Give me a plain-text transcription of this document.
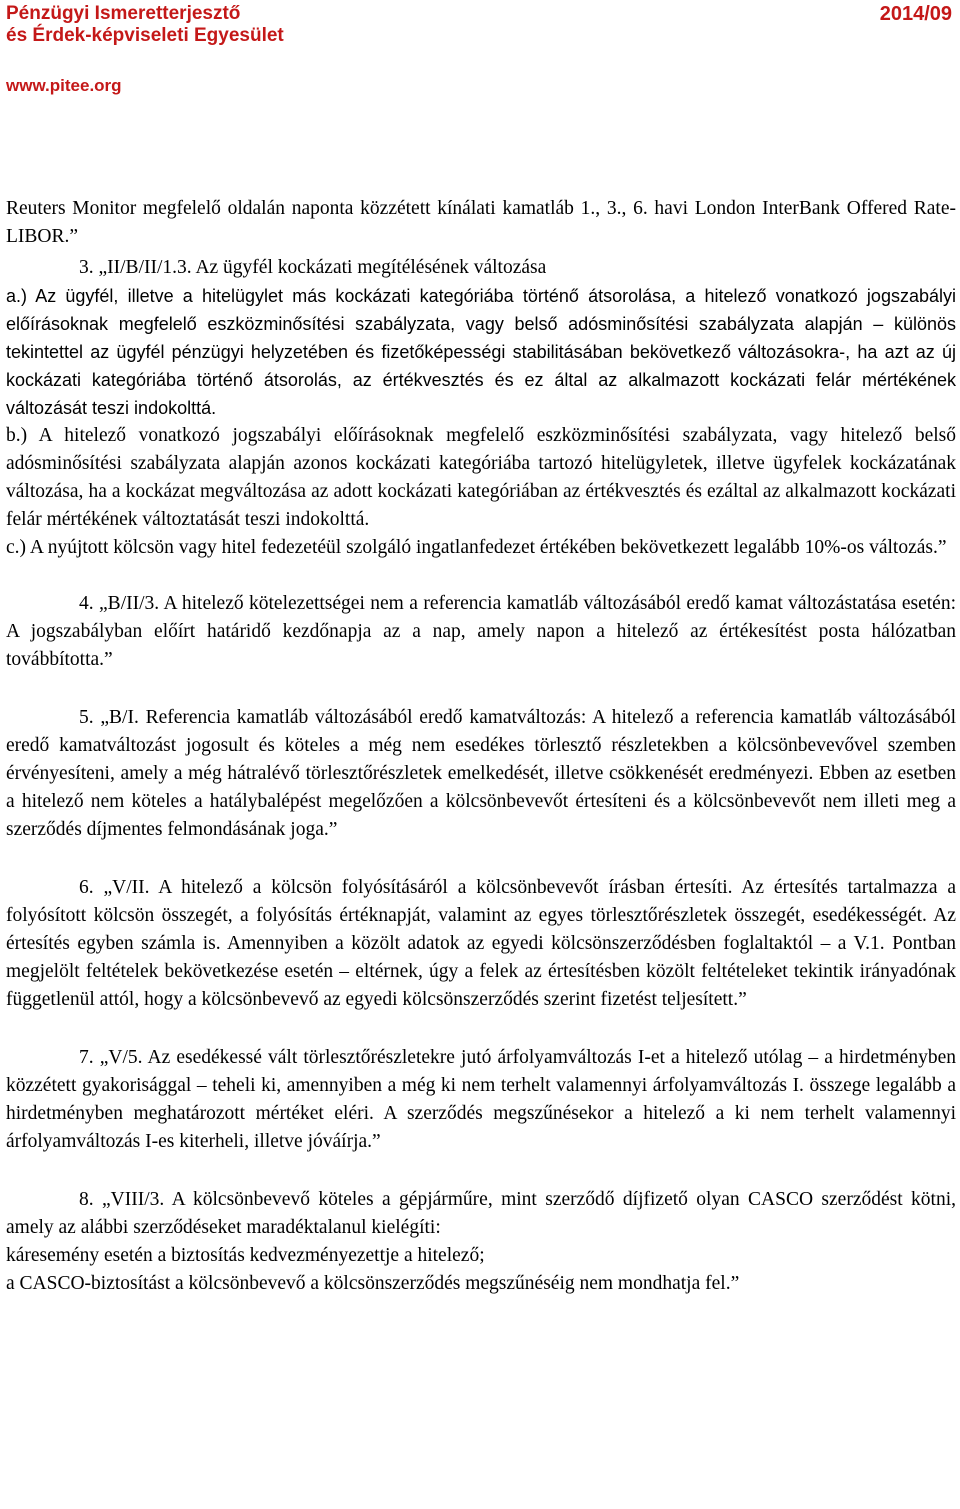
Pénzügyi Ismeretterjesztő
és Érdek-képviseleti Egyesület
2014/09
www.pitee.org

Reuters Monitor megfelelő oldalán naponta közzétett kínálati kamatláb 1., 3., 6. havi London InterBank Offered Rate-LIBOR.”

3. „II/B/II/1.3. Az ügyfél kockázati megítélésének változása

a.) Az ügyfél, illetve a hitelügylet más kockázati kategóriába történő átsorolása, a hitelező vonatkozó jogszabályi előírásoknak megfelelő eszközminősítési szabályzata, vagy belső adósminősítési szabályzata alapján – különös tekintettel az ügyfél pénzügyi helyzetében és fizetőképességi stabilitásában bekövetkező változásokra-, ha azt az új kockázati kategóriába történő átsorolás, az értékvesztés és ez által az alkalmazott kockázati felár mértékének változását teszi indokolttá.

b.) A hitelező vonatkozó jogszabályi előírásoknak megfelelő eszközminősítési szabályzata, vagy hitelező belső adósminősítési szabályzata alapján azonos kockázati kategóriába tartozó hitelügyletek, illetve ügyfelek kockázatának változása, ha a kockázat megváltozása az adott kockázati kategóriában az értékvesztés és ezáltal az alkalmazott kockázati felár mértékének változtatását teszi indokolttá.

c.) A nyújtott kölcsön vagy hitel fedezetéül szolgáló ingatlanfedezet értékében bekövetkezett legalább 10%-os változás.”

4. „B/II/3. A hitelező kötelezettségei nem a referencia kamatláb változásából eredő kamat változástatása esetén: A jogszabályban előírt határidő kezdőnapja az a nap, amely napon a hitelező az értékesítést posta hálózatban továbbította.”

5. „B/I. Referencia kamatláb változásából eredő kamatváltozás: A hitelező a referencia kamatláb változásából eredő kamatváltozást jogosult és köteles a még nem esedékes törlesztő részletekben a kölcsönbevevővel szemben érvényesíteni, amely a még hátralévő törlesztőrészletek emelkedését, illetve csökkenését eredményezi. Ebben az esetben a hitelező nem köteles a hatálybalépést megelőzően a kölcsönbevevőt értesíteni és a kölcsönbevevőt nem illeti meg a szerződés díjmentes felmondásának joga.”

6. „V/II. A hitelező a kölcsön folyósításáról a kölcsönbevevőt írásban értesíti. Az értesítés tartalmazza a folyósított kölcsön összegét, a folyósítás értéknapját, valamint az egyes törlesztőrészletek összegét, esedékességét. Az értesítés egyben számla is. Amennyiben a közölt adatok az egyedi kölcsönszerződésben foglaltaktól – a V.1. Pontban megjelölt feltételek bekövetkezése esetén – eltérnek, úgy a felek az értesítésben közölt feltételeket tekintik irányadónak függetlenül attól, hogy a kölcsönbevevő az egyedi kölcsönszerződés szerint fizetést teljesített.”

7. „V/5. Az esedékessé vált törlesztőrészletekre jutó árfolyamváltozás I-et a hitelező utólag – a hirdetményben közzétett gyakorisággal – teheli ki, amennyiben a még ki nem terhelt valamennyi árfolyamváltozás I. összege legalább a hirdetményben meghatározott mértéket eléri. A szerződés megszűnésekor a hitelező a ki nem terhelt valamennyi árfolyamváltozás I-es kiterheli, illetve jóváírja.”

8. „VIII/3. A kölcsönbevevő köteles a gépjárműre, mint szerződő díjfizető olyan CASCO szerződést kötni, amely az alábbi szerződéseket maradéktalanul kielégíti:

káresemény esetén a biztosítás kedvezményezettje a hitelező;

a CASCO-biztosítást a kölcsönbevevő a kölcsönszerződés megszűnéséig nem mondhatja fel.”
